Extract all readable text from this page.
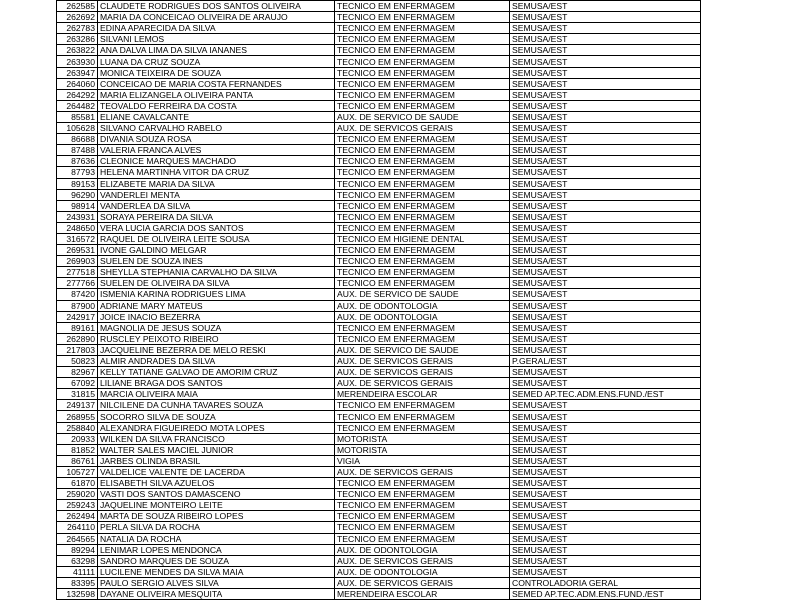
262585	CLAUDETE RODRIGUES DOS SANTOS OLIVEIRA	TECNICO EM ENFERMAGEM	SEMUSA/EST
262692	MARIA DA CONCEICAO OLIVEIRA DE ARAUJO	TECNICO EM ENFERMAGEM	SEMUSA/EST
262783	EDINA APARECIDA DA SILVA	TECNICO EM ENFERMAGEM	SEMUSA/EST
263286	SILVANI LEMOS	TECNICO EM ENFERMAGEM	SEMUSA/EST
263822	ANA DALVA LIMA DA SILVA IANANES	TECNICO EM ENFERMAGEM	SEMUSA/EST
263930	LUANA DA CRUZ SOUZA	TECNICO EM ENFERMAGEM	SEMUSA/EST
263947	MONICA TEIXEIRA DE SOUZA	TECNICO EM ENFERMAGEM	SEMUSA/EST
264060	CONCEICAO DE MARIA COSTA FERNANDES	TECNICO EM ENFERMAGEM	SEMUSA/EST
264292	MARIA ELIZANGELA OLIVEIRA PANTA	TECNICO EM ENFERMAGEM	SEMUSA/EST
264482	TEOVALDO FERREIRA DA COSTA	TECNICO EM ENFERMAGEM	SEMUSA/EST
85581	ELIANE CAVALCANTE	AUX. DE SERVICO DE SAUDE	SEMUSA/EST
105628	SILVANO CARVALHO RABELO	AUX. DE SERVICOS GERAIS	SEMUSA/EST
86688	DIVANIA SOUZA ROSA	TECNICO EM ENFERMAGEM	SEMUSA/EST
87488	VALERIA FRANCA ALVES	TECNICO EM ENFERMAGEM	SEMUSA/EST
87636	CLEONICE MARQUES MACHADO	TECNICO EM ENFERMAGEM	SEMUSA/EST
87793	HELENA MARTINHA VITOR DA CRUZ	TECNICO EM ENFERMAGEM	SEMUSA/EST
89153	ELIZABETE MARIA DA SILVA	TECNICO EM ENFERMAGEM	SEMUSA/EST
96290	VANDERLEI MENTA	TECNICO EM ENFERMAGEM	SEMUSA/EST
98914	VANDERLEA DA SILVA	TECNICO EM ENFERMAGEM	SEMUSA/EST
243931	SORAYA PEREIRA DA SILVA	TECNICO EM ENFERMAGEM	SEMUSA/EST
248650	VERA LUCIA GARCIA DOS SANTOS	TECNICO EM ENFERMAGEM	SEMUSA/EST
316572	RAQUEL DE OLIVEIRA LEITE SOUSA	TECNICO EM HIGIENE DENTAL	SEMUSA/EST
269531	IVONE GALDINO MELGAR	TECNICO EM ENFERMAGEM	SEMUSA/EST
269903	SUELEN DE SOUZA INES	TECNICO EM ENFERMAGEM	SEMUSA/EST
277518	SHEYLLA STEPHANIA CARVALHO DA SILVA	TECNICO EM ENFERMAGEM	SEMUSA/EST
277766	SUELEN DE OLIVEIRA DA SILVA	TECNICO EM ENFERMAGEM	SEMUSA/EST
87420	ISMENIA KARINA RODRIGUES LIMA	AUX. DE SERVICO DE SAUDE	SEMUSA/EST
87900	ADRIANE MARY MATEUS	AUX. DE ODONTOLOGIA	SEMUSA/EST
242917	JOICE INACIO BEZERRA	AUX. DE ODONTOLOGIA	SEMUSA/EST
89161	MAGNOLIA DE JESUS SOUZA	TECNICO EM ENFERMAGEM	SEMUSA/EST
262890	RUSCLEY PEIXOTO RIBEIRO	TECNICO EM ENFERMAGEM	SEMUSA/EST
217803	JACQUELINE BEZERRA DE MELO RESKI	AUX. DE SERVICO DE SAUDE	SEMUSA/EST
50823	ALMIR ANDRADES DA SILVA	AUX. DE SERVICOS GERAIS	P.GERAL/EST
82967	KELLY TATIANE GALVAO DE AMORIM CRUZ	AUX. DE SERVICOS GERAIS	SEMUSA/EST
67092	LILIANE BRAGA DOS SANTOS	AUX. DE SERVICOS GERAIS	SEMUSA/EST
31815	MARCIA OLIVEIRA MAIA	MERENDEIRA ESCOLAR	SEMED AP.TEC.ADM.ENS.FUND./EST
249137	NILCILENE DA CUNHA TAVARES SOUZA	TECNICO EM ENFERMAGEM	SEMUSA/EST
268955	SOCORRO SILVA DE SOUZA	TECNICO EM ENFERMAGEM	SEMUSA/EST
258840	ALEXANDRA FIGUEIREDO MOTA LOPES	TECNICO EM ENFERMAGEM	SEMUSA/EST
20933	WILKEN DA SILVA FRANCISCO	MOTORISTA	SEMUSA/EST
81852	WALTER SALES MACIEL JUNIOR	MOTORISTA	SEMUSA/EST
86761	JARBES OLINDA BRASIL	VIGIA	SEMUSA/EST
105727	VALDELICE VALENTE DE LACERDA	AUX. DE SERVICOS GERAIS	SEMUSA/EST
61870	ELISABETH SILVA AZUELOS	TECNICO EM ENFERMAGEM	SEMUSA/EST
259020	VASTI DOS SANTOS DAMASCENO	TECNICO EM ENFERMAGEM	SEMUSA/EST
259243	JAQUELINE MONTEIRO LEITE	TECNICO EM ENFERMAGEM	SEMUSA/EST
262494	MARTA DE SOUZA RIBEIRO LOPES	TECNICO EM ENFERMAGEM	SEMUSA/EST
264110	PERLA SILVA DA ROCHA	TECNICO EM ENFERMAGEM	SEMUSA/EST
264565	NATALIA DA ROCHA	TECNICO EM ENFERMAGEM	SEMUSA/EST
89294	LENIMAR LOPES MENDONCA	AUX. DE ODONTOLOGIA	SEMUSA/EST
63298	SANDRO MARQUES DE SOUZA	AUX. DE SERVICOS GERAIS	SEMUSA/EST
41111	LUCILENE MENDES DA SILVA MAIA	AUX. DE ODONTOLOGIA	SEMUSA/EST
83395	PAULO SERGIO ALVES SILVA	AUX. DE SERVICOS GERAIS	CONTROLADORIA GERAL
132598	DAYANE OLIVEIRA MESQUITA	MERENDEIRA ESCOLAR	SEMED AP.TEC.ADM.ENS.FUND./EST
